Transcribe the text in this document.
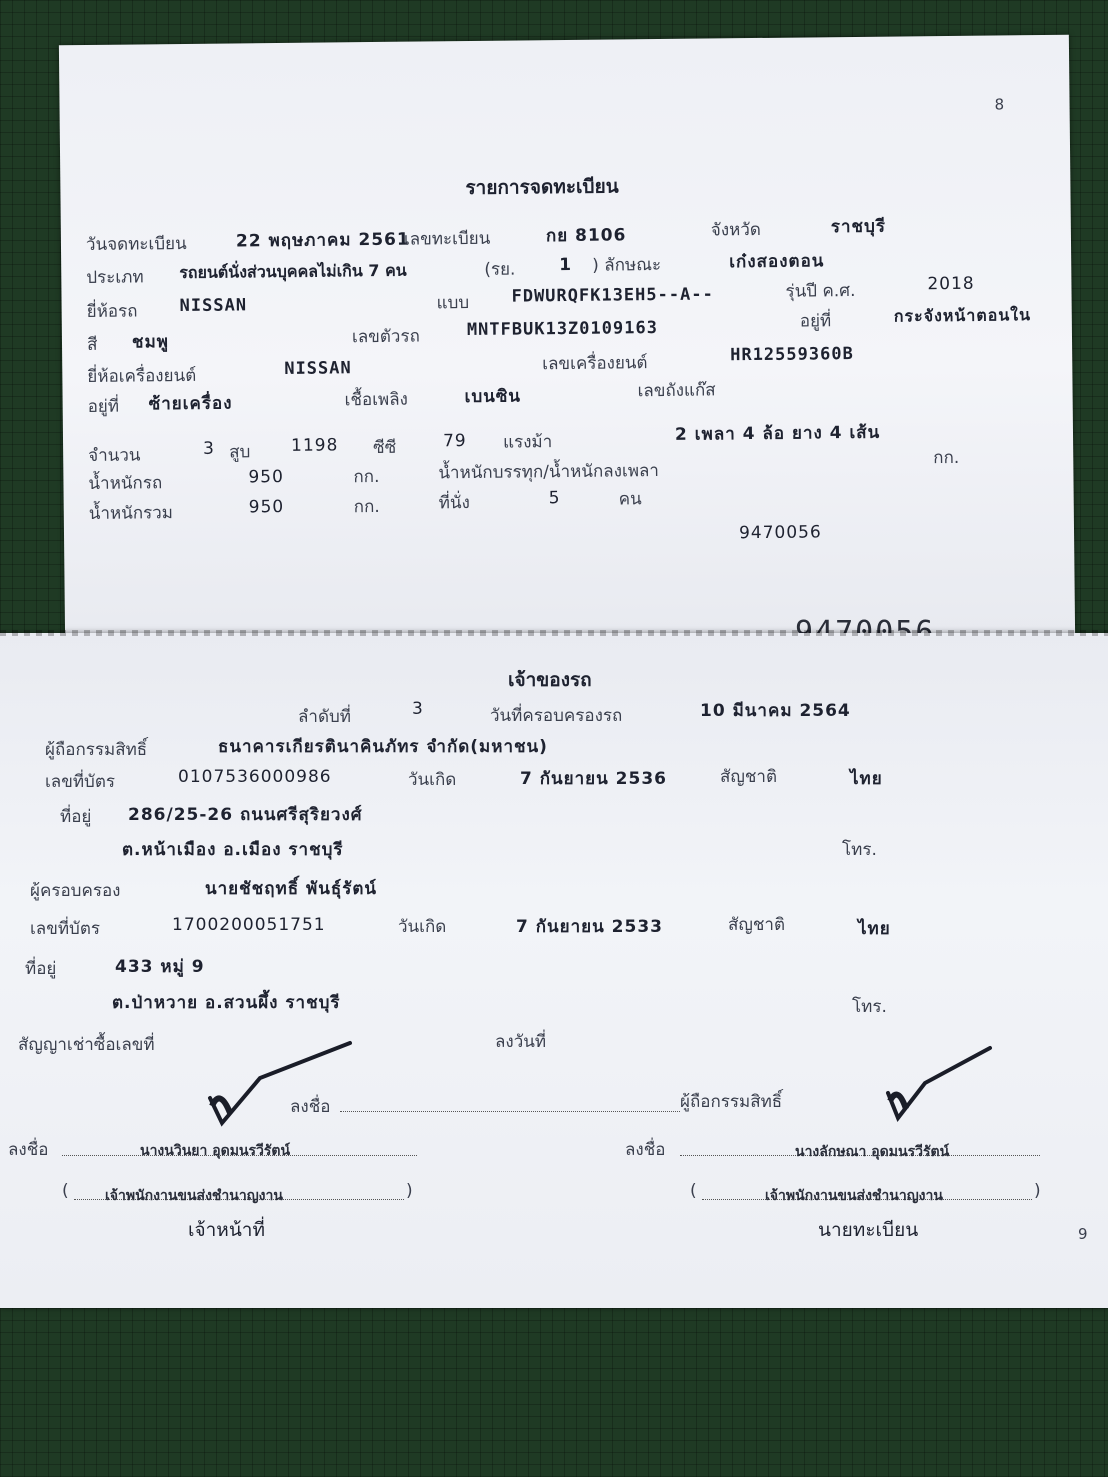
8
รายการจดทะเบียน
วันจดทะเบียน	22 พฤษภาคม 2561
เลขทะเบียน	กย 8106	จังหวัด	ราชบุรี
ประเภท รถยนต์นั่งส่วนบุคคลไม่เกิน 7 คน	(รย.	1 ) ลักษณะ	เก๋งสองตอน
ยี่ห้อรถ NISSAN	แบบ FDWURQFK13EH5--A--	รุ่นปี ค.ศ.	2018
สี ชมพู	เลขตัวรถ	MNTFBUK13Z0109163	อยู่ที่	กระจังหน้าตอนใน
ยี่ห้อเครื่องยนต์	NISSAN	เลขเครื่องยนต์	HR12559360B
อยู่ที่ ซ้ายเครื่อง	เชื้อเพลิง	เบนซิน	เลขถังแก๊ส
จำนวน	3 สูบ 1198 ซีซี	79 แรงม้า	2 เพลา 4 ล้อ ยาง 4 เส้น
น้ำหนักรถ	950	กก.	น้ำหนักบรรทุก/น้ำหนักลงเพลา
กก.
น้ำหนักรวม	950	กก.	ที่นั่ง	5	คน
9470056
เจ้าของรถ
ลำดับที่	3	วันที่ครอบครองรถ	10 มีนาคม 2564
ผู้ถือกรรมสิทธิ์	ธนาคารเกียรตินาคินภัทร จำกัด(มหาชน)
เลขที่บัตร	0107536000986	วันเกิด	7 กันยายน 2536	สัญชาติ	ไทย
ที่อยู่ 286/25-26 ถนนศรีสุริยวงศ์
ต.หน้าเมือง อ.เมือง ราชบุรี	โทร.
ผู้ครอบครอง	นายชัชฤทธิ์ พันธุ์รัตน์
เลขที่บัตร	1700200051751	วันเกิด	7 กันยายน 2533	สัญชาติ	ไทย
ที่อยู่	433 หมู่ 9
ต.ป่าหวาย อ.สวนผึ้ง ราชบุรี	โทร.
สัญญาเช่าซื้อเลขที่	ลงวันที่
ลงชื่อ	ผู้ถือกรรมสิทธิ์
ลงชื่อ	นางนวินยา อุดมนรวีรัตน์	ลงชื่อ	นางลักษณา อุดมนรวีรัตน์
(	เจ้าพนักงานขนส่งชำนาญงาน	)	(	เจ้าพนักงานขนส่งชำนาญงาน	)
เจ้าหน้าที่	นายทะเบียน	9
